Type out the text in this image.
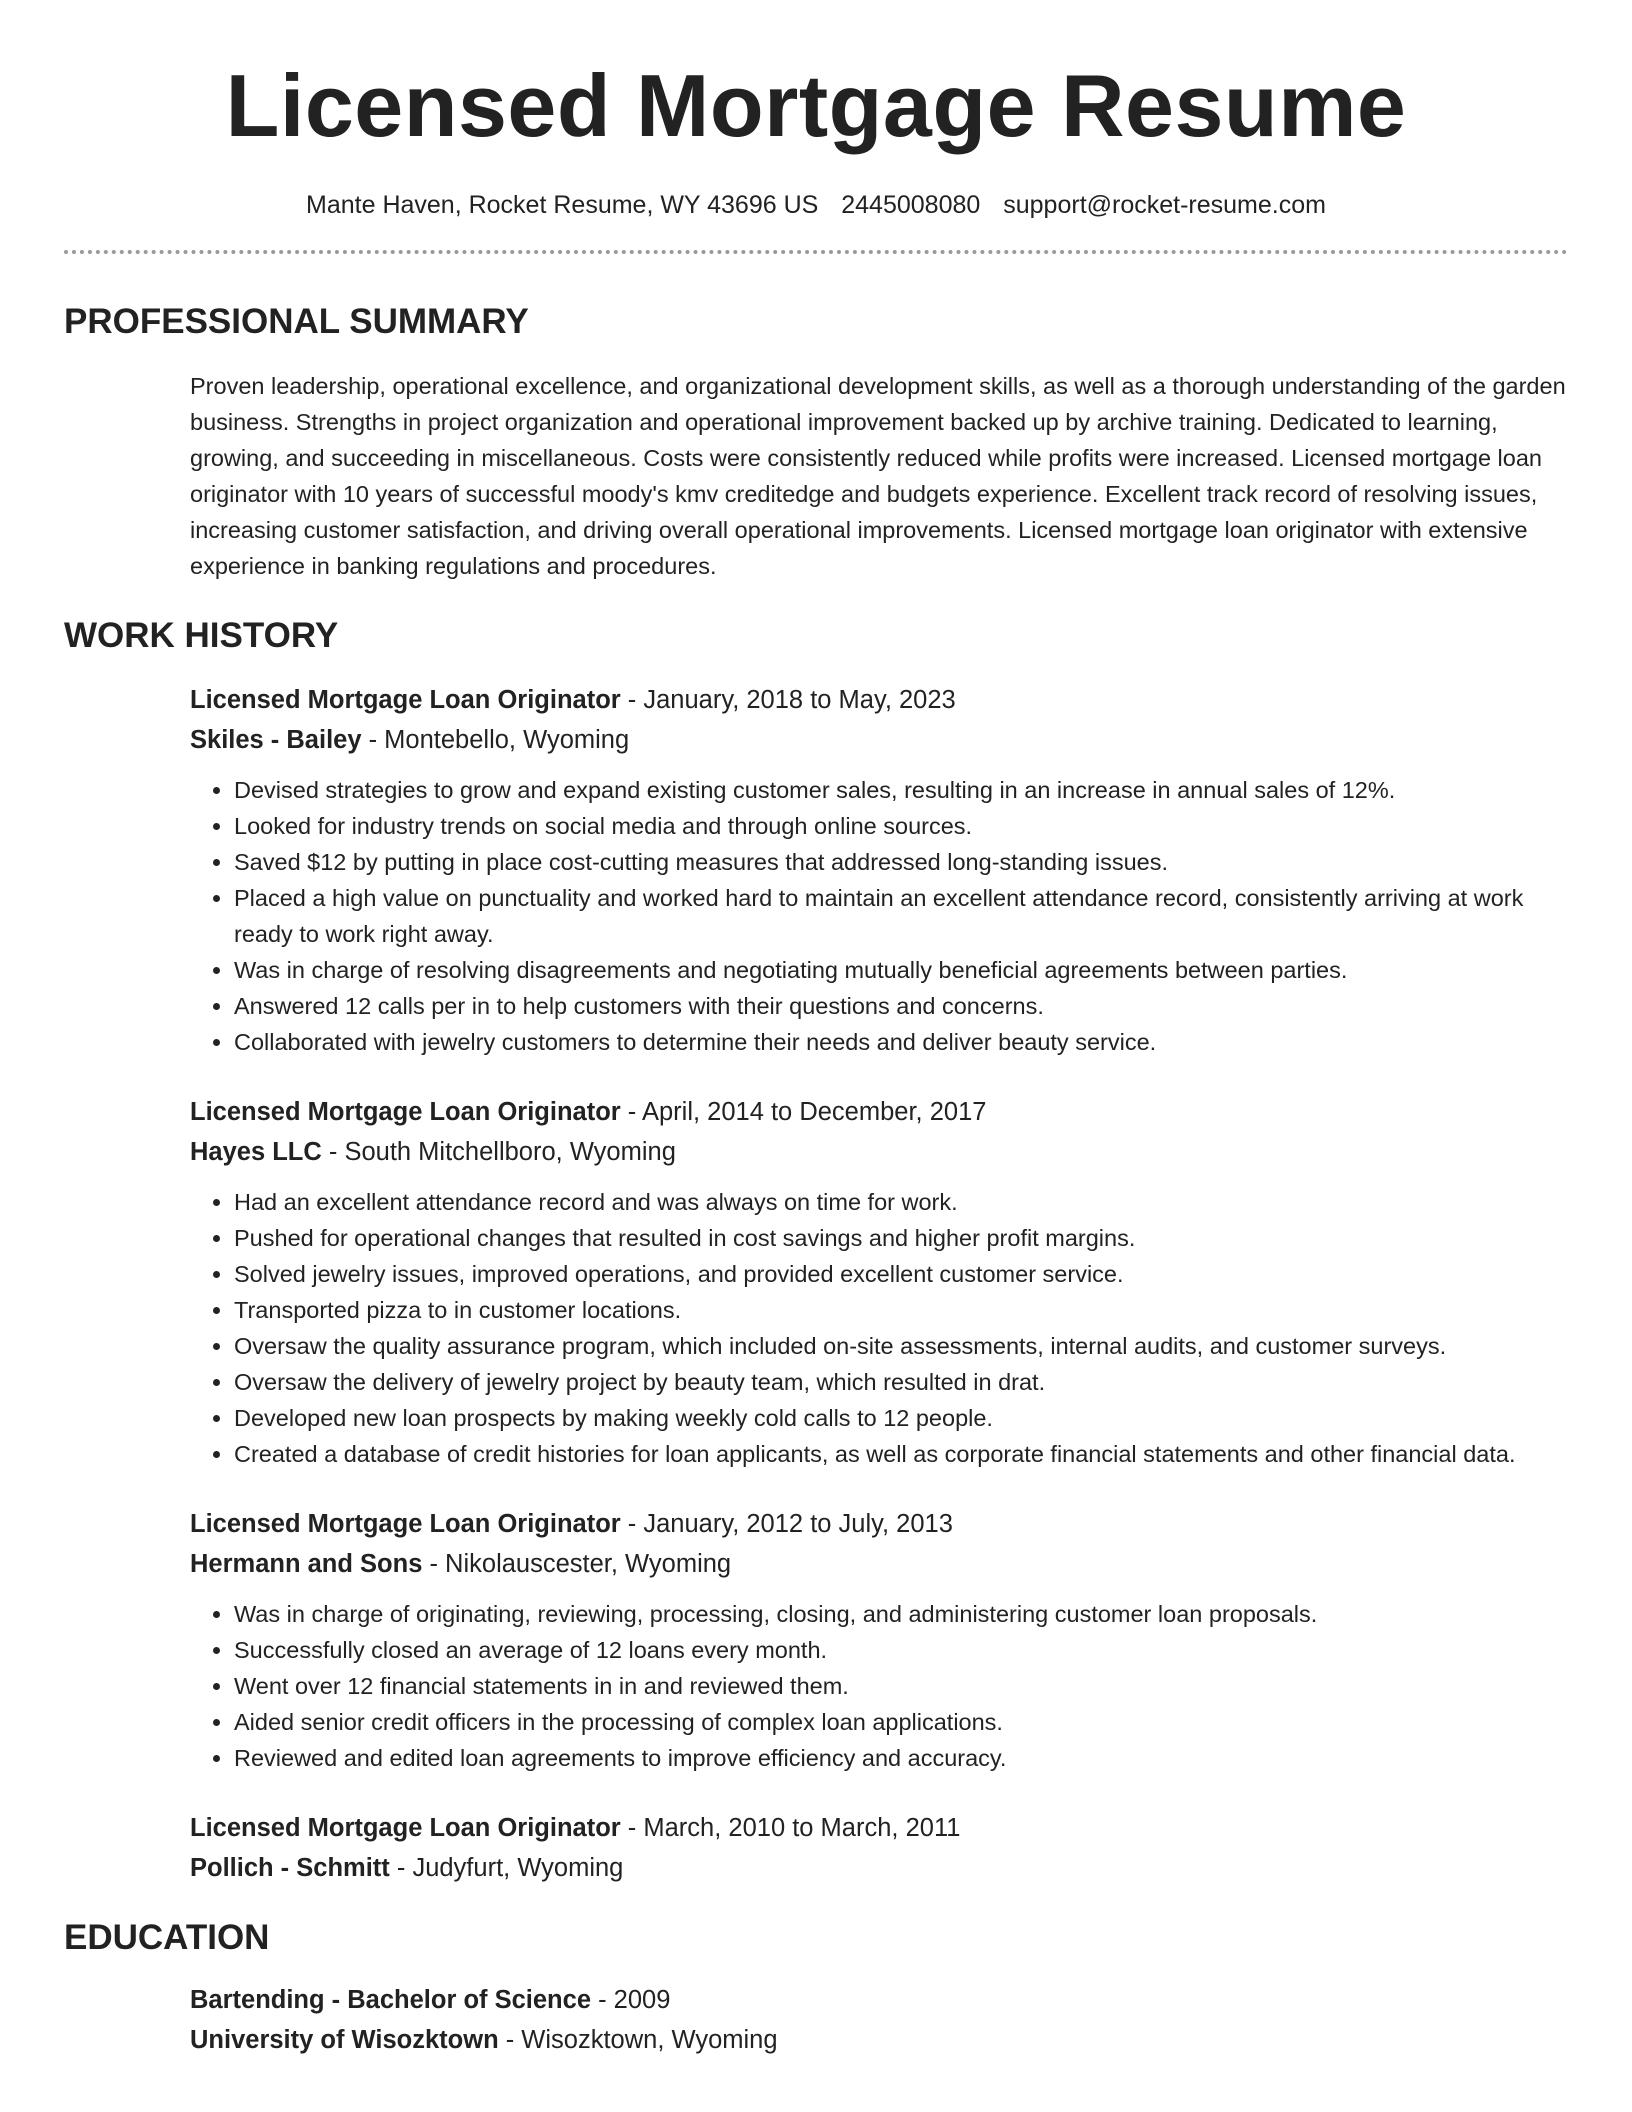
Licensed Mortgage Resume
Mante Haven, Rocket Resume, WY 43696 US 2445008080 support@rocket-resume.com
PROFESSIONAL SUMMARY

Proven leadership, operational excellence, and organizational development skills, as well as a thorough understanding of the garden business. Strengths in project organization and operational improvement backed up by archive training. Dedicated to learning, growing, and succeeding in miscellaneous. Costs were consistently reduced while profits were increased. Licensed mortgage loan originator with 10 years of successful moody's kmv creditedge and budgets experience. Excellent track record of resolving issues, increasing customer satisfaction, and driving overall operational improvements. Licensed mortgage loan originator with extensive experience in banking regulations and procedures.

WORK HISTORY
Licensed Mortgage Loan Originator - January, 2018 to May, 2023
Skiles - Bailey - Montebello, Wyoming
• Devised strategies to grow and expand existing customer sales, resulting in an increase in annual sales of 12%.
• Looked for industry trends on social media and through online sources.
• Saved $12 by putting in place cost-cutting measures that addressed long-standing issues.
• Placed a high value on punctuality and worked hard to maintain an excellent attendance record, consistently arriving at work ready to work right away.
• Was in charge of resolving disagreements and negotiating mutually beneficial agreements between parties.
• Answered 12 calls per in to help customers with their questions and concerns.
• Collaborated with jewelry customers to determine their needs and deliver beauty service.
Licensed Mortgage Loan Originator - April, 2014 to December, 2017
Hayes LLC - South Mitchellboro, Wyoming
• Had an excellent attendance record and was always on time for work.
• Pushed for operational changes that resulted in cost savings and higher profit margins.
• Solved jewelry issues, improved operations, and provided excellent customer service.
• Transported pizza to in customer locations.
• Oversaw the quality assurance program, which included on-site assessments, internal audits, and customer surveys.
• Oversaw the delivery of jewelry project by beauty team, which resulted in drat.
• Developed new loan prospects by making weekly cold calls to 12 people.
• Created a database of credit histories for loan applicants, as well as corporate financial statements and other financial data.
Licensed Mortgage Loan Originator - January, 2012 to July, 2013
Hermann and Sons - Nikolauscester, Wyoming
• Was in charge of originating, reviewing, processing, closing, and administering customer loan proposals.
• Successfully closed an average of 12 loans every month.
• Went over 12 financial statements in in and reviewed them.
• Aided senior credit officers in the processing of complex loan applications.
• Reviewed and edited loan agreements to improve efficiency and accuracy.
Licensed Mortgage Loan Originator - March, 2010 to March, 2011
Pollich - Schmitt - Judyfurt, Wyoming
EDUCATION
Bartending - Bachelor of Science - 2009
University of Wisozktown - Wisozktown, Wyoming
